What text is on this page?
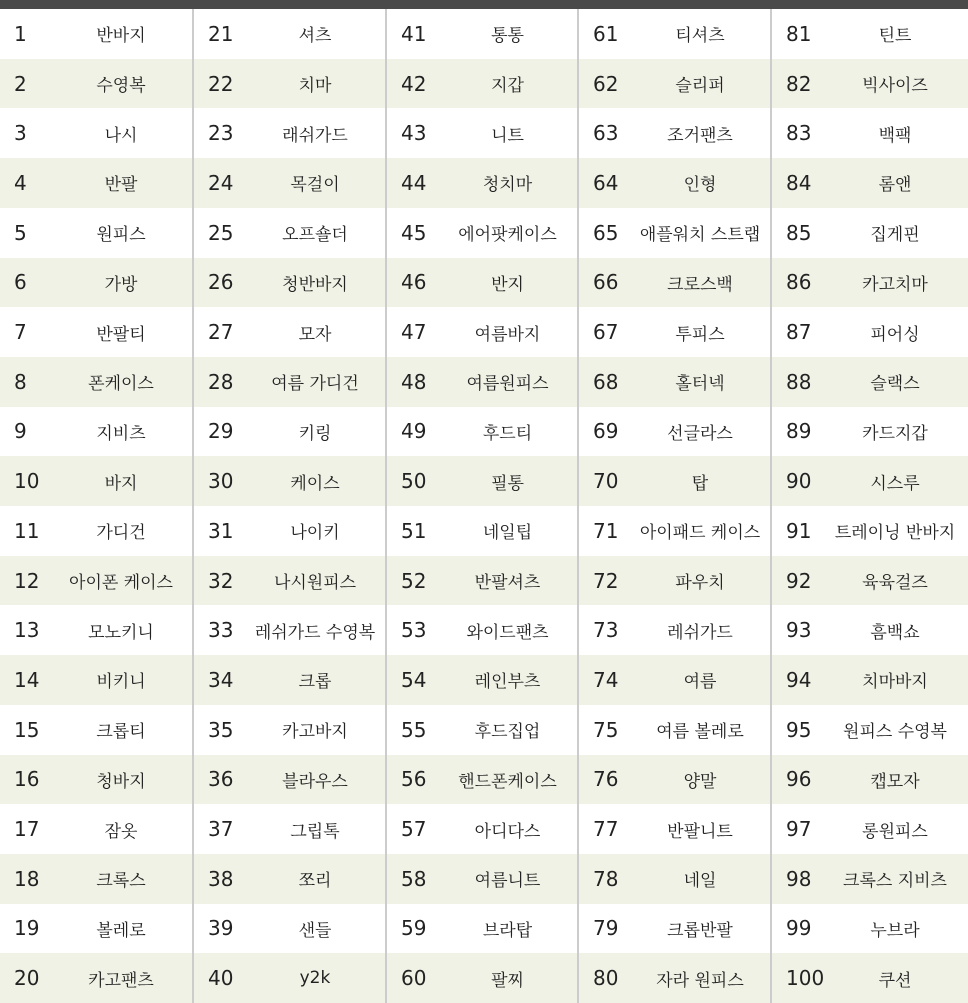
1	반바지	21	셔츠	41	통통	61	티셔츠	81	틴트
2	수영복	22	치마	42	지갑	62	슬리퍼	82	빅사이즈
3	나시	23	래쉬가드	43	니트	63	조거팬츠	83	백팩
4	반팔	24	목걸이	44	청치마	64	인형	84	롬앤
5	원피스	25	오프숄더	45	에어팟케이스	65	애플워치 스트랩	85	집게핀
6	가방	26	청반바지	46	반지	66	크로스백	86	카고치마
7	반팔티	27	모자	47	여름바지	67	투피스	87	피어싱
8	폰케이스	28	여름 가디건	48	여름원피스	68	홀터넥	88	슬랙스
9	지비츠	29	키링	49	후드티	69	선글라스	89	카드지갑
10	바지	30	케이스	50	필통	70	탑	90	시스루
11	가디건	31	나이키	51	네일팁	71	아이패드 케이스	91	트레이닝 반바지
12	아이폰 케이스	32	나시원피스	52	반팔셔츠	72	파우치	92	육육걸즈
13	모노키니	33	레쉬가드 수영복	53	와이드팬츠	73	레쉬가드	93	흠백쇼
14	비키니	34	크롭	54	레인부츠	74	여름	94	치마바지
15	크롭티	35	카고바지	55	후드집업	75	여름 볼레로	95	원피스 수영복
16	청바지	36	블라우스	56	핸드폰케이스	76	양말	96	캡모자
17	잠옷	37	그립톡	57	아디다스	77	반팔니트	97	롱원피스
18	크록스	38	쪼리	58	여름니트	78	네일	98	크록스 지비츠
19	볼레로	39	샌들	59	브라탑	79	크롭반팔	99	누브라
20	카고팬츠	40	y2k	60	팔찌	80	자라 원피스	100	쿠션
